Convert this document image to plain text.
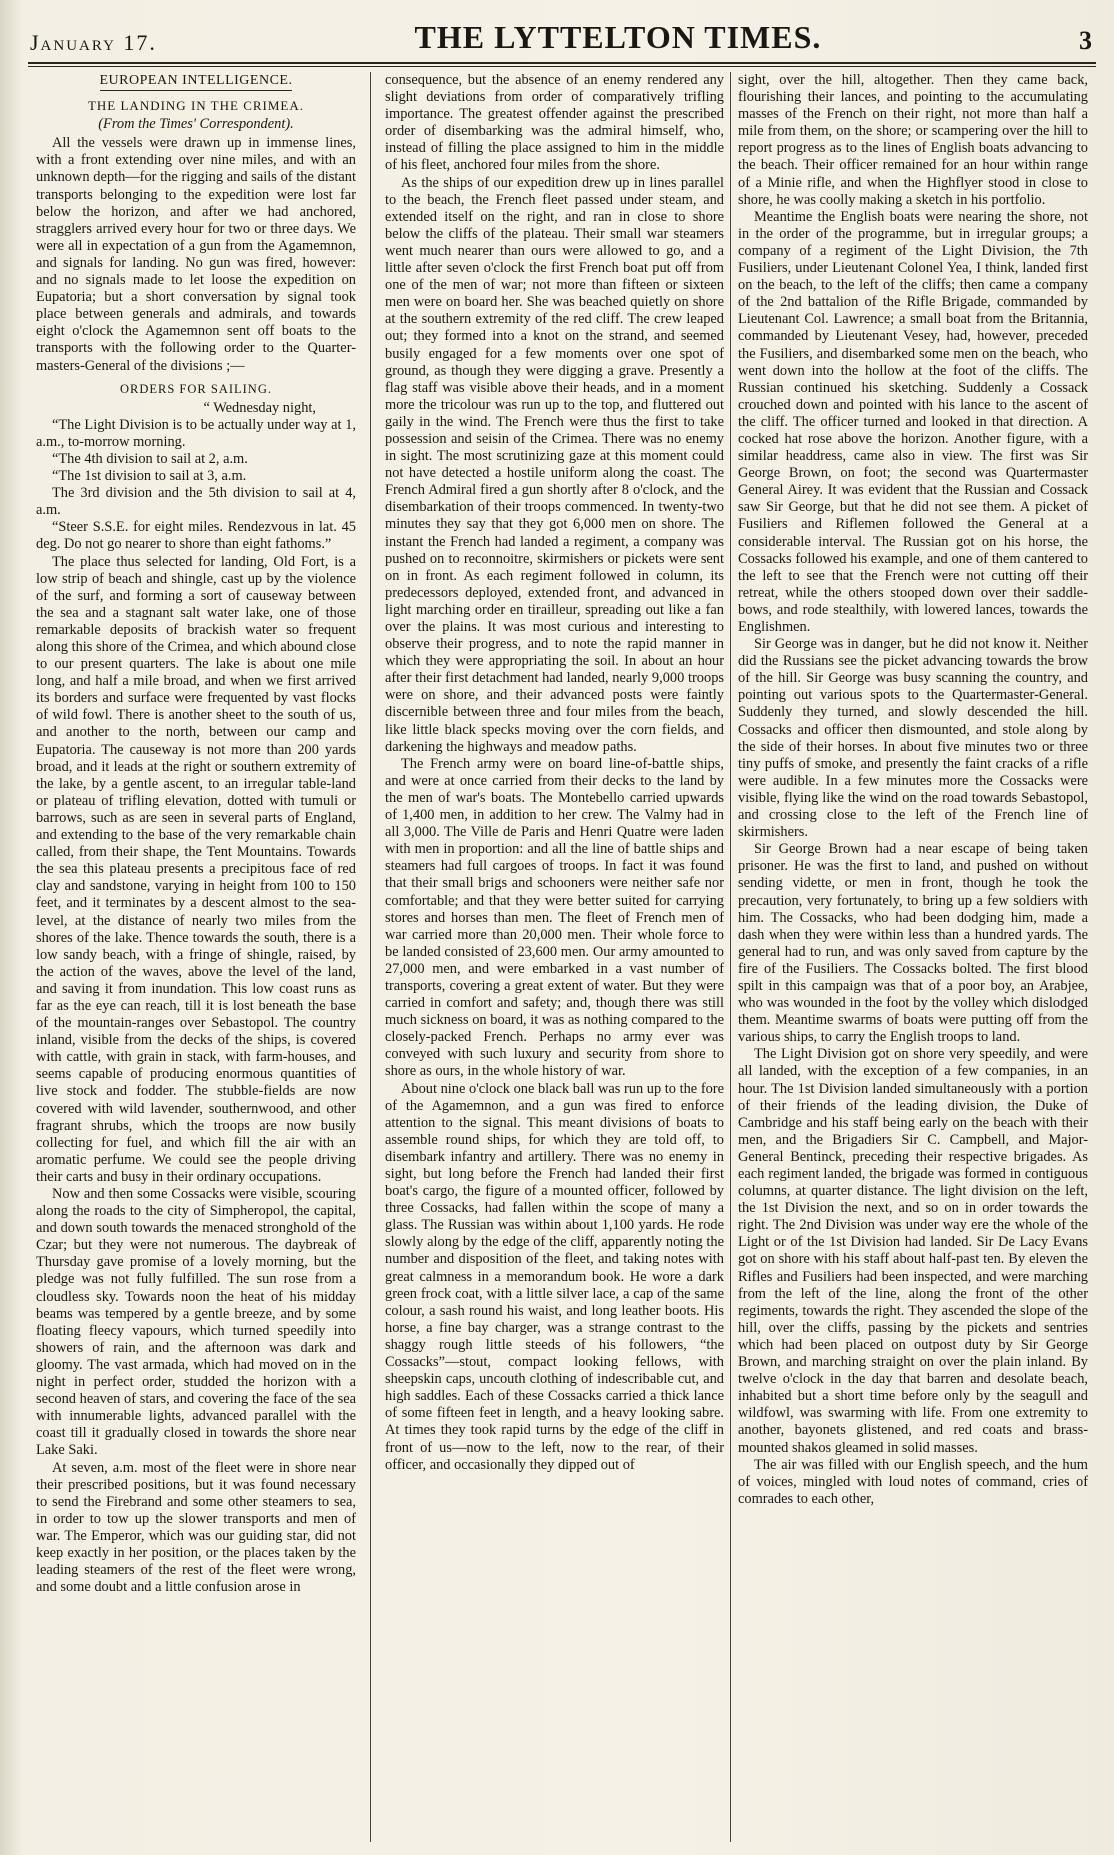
January 17.	THE LYTTELTON TIMES.	3
EUROPEAN INTELLIGENCE.
THE LANDING IN THE CRIMEA.
(From the Times' Correspondent).

All the vessels were drawn up in immense lines, with a front extending over nine miles, and with an unknown depth—for the rigging and sails of the distant transports belonging to the expedition were lost far below the horizon, and after we had anchored, stragglers arrived every hour for two or three days. We were all in expectation of a gun from the Agamemnon, and signals for landing. No gun was fired, however: and no signals made to let loose the expedition on Eupatoria; but a short conversation by signal took place between generals and admirals, and towards eight o'clock the Agamemnon sent off boats to the transports with the following order to the Quarter-masters-General of the divisions ;—

ORDERS FOR SAILING.

“ Wednesday night,

“The Light Division is to be actually under way at 1, a.m., to-morrow morning.

“The 4th division to sail at 2, a.m.

“The 1st division to sail at 3, a.m.

The 3rd division and the 5th division to sail at 4, a.m.

“Steer S.S.E. for eight miles. Rendezvous in lat. 45 deg. Do not go nearer to shore than eight fathoms.”

The place thus selected for landing, Old Fort, is a low strip of beach and shingle, cast up by the violence of the surf, and forming a sort of causeway between the sea and a stagnant salt water lake, one of those remarkable deposits of brackish water so frequent along this shore of the Crimea, and which abound close to our present quarters. The lake is about one mile long, and half a mile broad, and when we first arrived its borders and surface were frequented by vast flocks of wild fowl. There is another sheet to the south of us, and another to the north, between our camp and Eupatoria. The causeway is not more than 200 yards broad, and it leads at the right or southern extremity of the lake, by a gentle ascent, to an irregular table-land or plateau of trifling elevation, dotted with tumuli or barrows, such as are seen in several parts of England, and extending to the base of the very remarkable chain called, from their shape, the Tent Mountains. Towards the sea this plateau presents a precipitous face of red clay and sandstone, varying in height from 100 to 150 feet, and it terminates by a descent almost to the sea-level, at the distance of nearly two miles from the shores of the lake. Thence towards the south, there is a low sandy beach, with a fringe of shingle, raised, by the action of the waves, above the level of the land, and saving it from inundation. This low coast runs as far as the eye can reach, till it is lost beneath the base of the mountain-ranges over Sebastopol. The country inland, visible from the decks of the ships, is covered with cattle, with grain in stack, with farm-houses, and seems capable of producing enormous quantities of live stock and fodder. The stubble-fields are now covered with wild lavender, southernwood, and other fragrant shrubs, which the troops are now busily collecting for fuel, and which fill the air with an aromatic perfume. We could see the people driving their carts and busy in their ordinary occupations.

Now and then some Cossacks were visible, scouring along the roads to the city of Simpheropol, the capital, and down south towards the menaced stronghold of the Czar; but they were not numerous. The daybreak of Thursday gave promise of a lovely morning, but the pledge was not fully fulfilled. The sun rose from a cloudless sky. Towards noon the heat of his midday beams was tempered by a gentle breeze, and by some floating fleecy vapours, which turned speedily into showers of rain, and the afternoon was dark and gloomy. The vast armada, which had moved on in the night in perfect order, studded the horizon with a second heaven of stars, and covering the face of the sea with innumerable lights, advanced parallel with the coast till it gradually closed in towards the shore near Lake Saki.

At seven, a.m. most of the fleet were in shore near their prescribed positions, but it was found necessary to send the Firebrand and some other steamers to sea, in order to tow up the slower transports and men of war. The Emperor, which was our guiding star, did not keep exactly in her position, or the places taken by the leading steamers of the rest of the fleet were wrong, and some doubt and a little confusion arose in

consequence, but the absence of an enemy rendered any slight deviations from order of comparatively trifling importance. The greatest offender against the prescribed order of disembarking was the admiral himself, who, instead of filling the place assigned to him in the middle of his fleet, anchored four miles from the shore.

As the ships of our expedition drew up in lines parallel to the beach, the French fleet passed under steam, and extended itself on the right, and ran in close to shore below the cliffs of the plateau. Their small war steamers went much nearer than ours were allowed to go, and a little after seven o'clock the first French boat put off from one of the men of war; not more than fifteen or sixteen men were on board her. She was beached quietly on shore at the southern extremity of the red cliff. The crew leaped out; they formed into a knot on the strand, and seemed busily engaged for a few moments over one spot of ground, as though they were digging a grave. Presently a flag staff was visible above their heads, and in a moment more the tricolour was run up to the top, and fluttered out gaily in the wind. The French were thus the first to take possession and seisin of the Crimea. There was no enemy in sight. The most scrutinizing gaze at this moment could not have detected a hostile uniform along the coast. The French Admiral fired a gun shortly after 8 o'clock, and the disembarkation of their troops commenced. In twenty-two minutes they say that they got 6,000 men on shore. The instant the French had landed a regiment, a company was pushed on to reconnoitre, skirmishers or pickets were sent on in front. As each regiment followed in column, its predecessors deployed, extended front, and advanced in light marching order en tirailleur, spreading out like a fan over the plains. It was most curious and interesting to observe their progress, and to note the rapid manner in which they were appropriating the soil. In about an hour after their first detachment had landed, nearly 9,000 troops were on shore, and their advanced posts were faintly discernible between three and four miles from the beach, like little black specks moving over the corn fields, and darkening the highways and meadow paths.

The French army were on board line-of-battle ships, and were at once carried from their decks to the land by the men of war's boats. The Montebello carried upwards of 1,400 men, in addition to her crew. The Valmy had in all 3,000. The Ville de Paris and Henri Quatre were laden with men in proportion: and all the line of battle ships and steamers had full cargoes of troops. In fact it was found that their small brigs and schooners were neither safe nor comfortable; and that they were better suited for carrying stores and horses than men. The fleet of French men of war carried more than 20,000 men. Their whole force to be landed consisted of 23,600 men. Our army amounted to 27,000 men, and were embarked in a vast number of transports, covering a great extent of water. But they were carried in comfort and safety; and, though there was still much sickness on board, it was as nothing compared to the closely-packed French. Perhaps no army ever was conveyed with such luxury and security from shore to shore as ours, in the whole history of war.

About nine o'clock one black ball was run up to the fore of the Agamemnon, and a gun was fired to enforce attention to the signal. This meant divisions of boats to assemble round ships, for which they are told off, to disembark infantry and artillery. There was no enemy in sight, but long before the French had landed their first boat's cargo, the figure of a mounted officer, followed by three Cossacks, had fallen within the scope of many a glass. The Russian was within about 1,100 yards. He rode slowly along by the edge of the cliff, apparently noting the number and disposition of the fleet, and taking notes with great calmness in a memorandum book. He wore a dark green frock coat, with a little silver lace, a cap of the same colour, a sash round his waist, and long leather boots. His horse, a fine bay charger, was a strange contrast to the shaggy rough little steeds of his followers, “the Cossacks”—stout, compact looking fellows, with sheepskin caps, uncouth clothing of indescribable cut, and high saddles. Each of these Cossacks carried a thick lance of some fifteen feet in length, and a heavy looking sabre. At times they took rapid turns by the edge of the cliff in front of us—now to the left, now to the rear, of their officer, and occasionally they dipped out of

sight, over the hill, altogether. Then they came back, flourishing their lances, and pointing to the accumulating masses of the French on their right, not more than half a mile from them, on the shore; or scampering over the hill to report progress as to the lines of English boats advancing to the beach. Their officer remained for an hour within range of a Minie rifle, and when the Highflyer stood in close to shore, he was coolly making a sketch in his portfolio.

Meantime the English boats were nearing the shore, not in the order of the programme, but in irregular groups; a company of a regiment of the Light Division, the 7th Fusiliers, under Lieutenant Colonel Yea, I think, landed first on the beach, to the left of the cliffs; then came a company of the 2nd battalion of the Rifle Brigade, commanded by Lieutenant Col. Lawrence; a small boat from the Britannia, commanded by Lieutenant Vesey, had, however, preceded the Fusiliers, and disembarked some men on the beach, who went down into the hollow at the foot of the cliffs. The Russian continued his sketching. Suddenly a Cossack crouched down and pointed with his lance to the ascent of the cliff. The officer turned and looked in that direction. A cocked hat rose above the horizon. Another figure, with a similar headdress, came also in view. The first was Sir George Brown, on foot; the second was Quartermaster General Airey. It was evident that the Russian and Cossack saw Sir George, but that he did not see them. A picket of Fusiliers and Riflemen followed the General at a considerable interval. The Russian got on his horse, the Cossacks followed his example, and one of them cantered to the left to see that the French were not cutting off their retreat, while the others stooped down over their saddle-bows, and rode stealthily, with lowered lances, towards the Englishmen.

Sir George was in danger, but he did not know it. Neither did the Russians see the picket advancing towards the brow of the hill. Sir George was busy scanning the country, and pointing out various spots to the Quartermaster-General. Suddenly they turned, and slowly descended the hill. Cossacks and officer then dismounted, and stole along by the side of their horses. In about five minutes two or three tiny puffs of smoke, and presently the faint cracks of a rifle were audible. In a few minutes more the Cossacks were visible, flying like the wind on the road towards Sebastopol, and crossing close to the left of the French line of skirmishers.

Sir George Brown had a near escape of being taken prisoner. He was the first to land, and pushed on without sending vidette, or men in front, though he took the precaution, very fortunately, to bring up a few soldiers with him. The Cossacks, who had been dodging him, made a dash when they were within less than a hundred yards. The general had to run, and was only saved from capture by the fire of the Fusiliers. The Cossacks bolted. The first blood spilt in this campaign was that of a poor boy, an Arabjee, who was wounded in the foot by the volley which dislodged them. Meantime swarms of boats were putting off from the various ships, to carry the English troops to land.

The Light Division got on shore very speedily, and were all landed, with the exception of a few companies, in an hour. The 1st Division landed simultaneously with a portion of their friends of the leading division, the Duke of Cambridge and his staff being early on the beach with their men, and the Brigadiers Sir C. Campbell, and Major-General Bentinck, preceding their respective brigades. As each regiment landed, the brigade was formed in contiguous columns, at quarter distance. The light division on the left, the 1st Division the next, and so on in order towards the right. The 2nd Division was under way ere the whole of the Light or of the 1st Division had landed. Sir De Lacy Evans got on shore with his staff about half-past ten. By eleven the Rifles and Fusiliers had been inspected, and were marching from the left of the line, along the front of the other regiments, towards the right. They ascended the slope of the hill, over the cliffs, passing by the pickets and sentries which had been placed on outpost duty by Sir George Brown, and marching straight on over the plain inland. By twelve o'clock in the day that barren and desolate beach, inhabited but a short time before only by the seagull and wildfowl, was swarming with life. From one extremity to another, bayonets glistened, and red coats and brass-mounted shakos gleamed in solid masses.

The air was filled with our English speech, and the hum of voices, mingled with loud notes of command, cries of comrades to each other,
